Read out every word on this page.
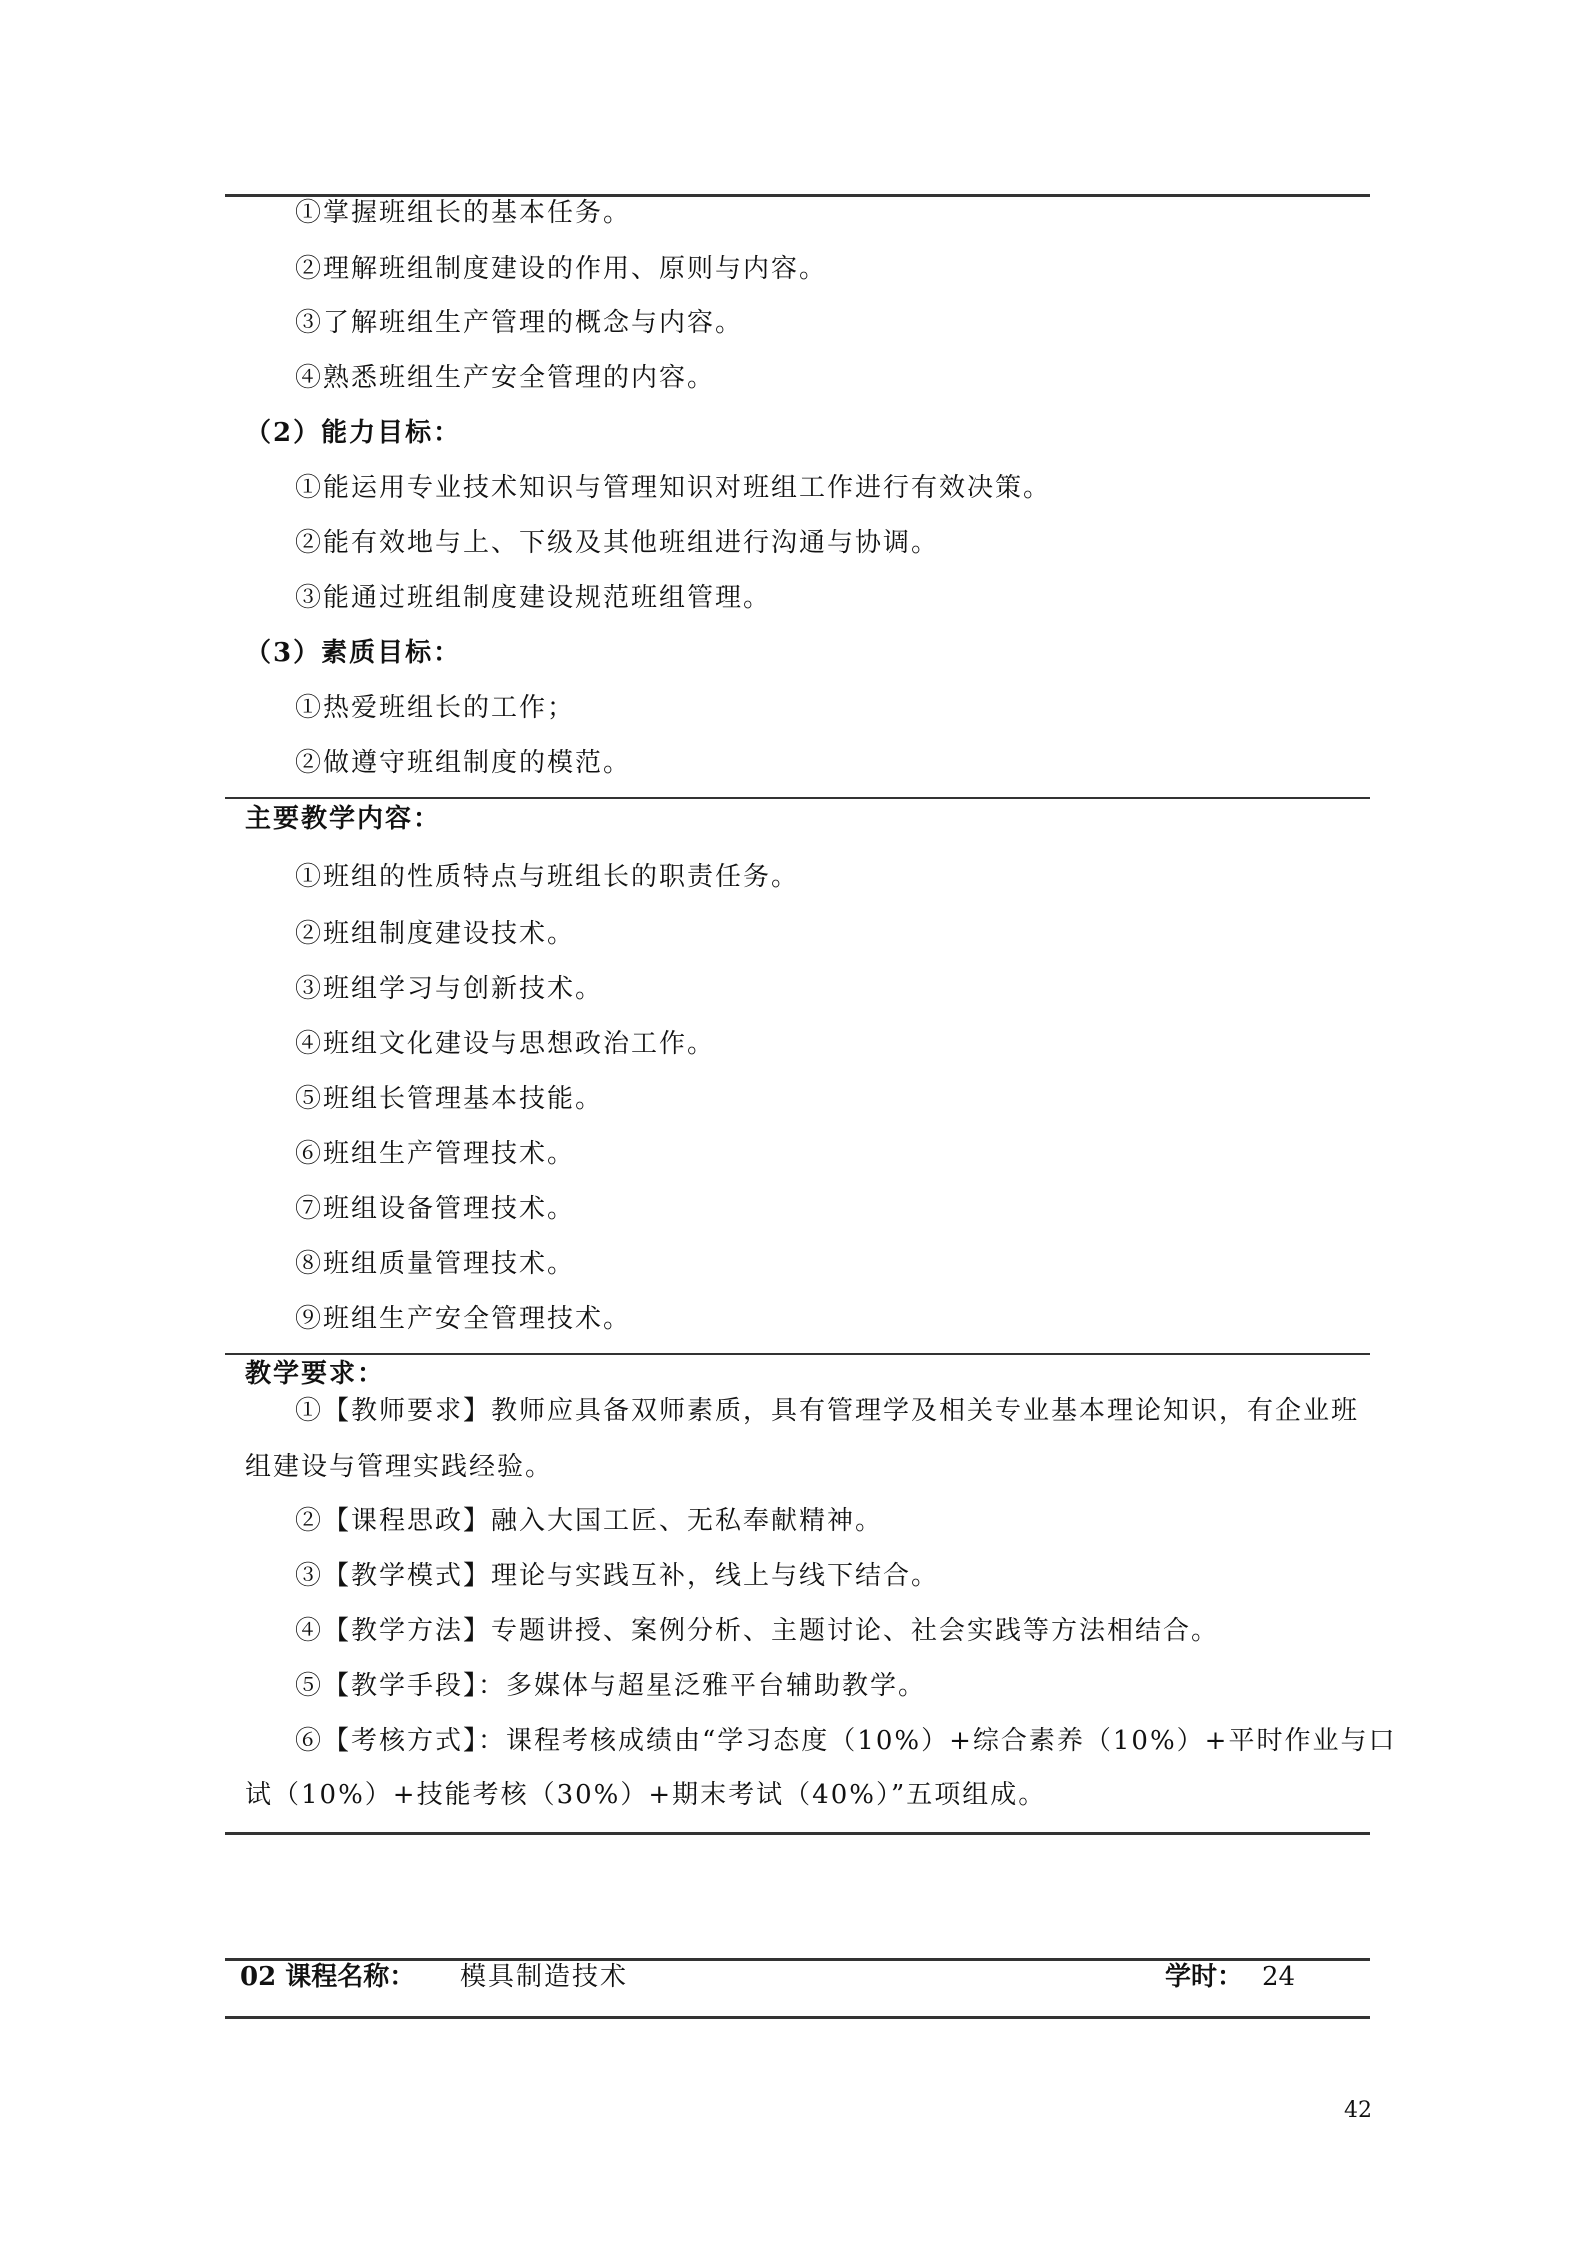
①掌握班组长的基本任务。
②理解班组制度建设的作用、原则与内容。
③了解班组生产管理的概念与内容。
④熟悉班组生产安全管理的内容。
（2）能力目标：
①能运用专业技术知识与管理知识对班组工作进行有效决策。
②能有效地与上、下级及其他班组进行沟通与协调。
③能通过班组制度建设规范班组管理。
（3）素质目标：
①热爱班组长的工作；
②做遵守班组制度的模范。
主要教学内容：
①班组的性质特点与班组长的职责任务。
②班组制度建设技术。
③班组学习与创新技术。
④班组文化建设与思想政治工作。
⑤班组长管理基本技能。
⑥班组生产管理技术。
⑦班组设备管理技术。
⑧班组质量管理技术。
⑨班组生产安全管理技术。
教学要求：
①【教师要求】教师应具备双师素质，具有管理学及相关专业基本理论知识，有企业班
组建设与管理实践经验。
②【课程思政】融入大国工匠、无私奉献精神。
③【教学模式】理论与实践互补，线上与线下结合。
④【教学方法】专题讲授、案例分析、主题讨论、社会实践等方法相结合。
⑤【教学手段】：多媒体与超星泛雅平台辅助教学。
⑥【考核方式】：课程考核成绩由“学习态度（10%）+综合素养（10%）+平时作业与口
试（10%）+技能考核（30%）+期末考试（40%）”五项组成。
02 课程名称： 模具制造技术	学时： 24
42
